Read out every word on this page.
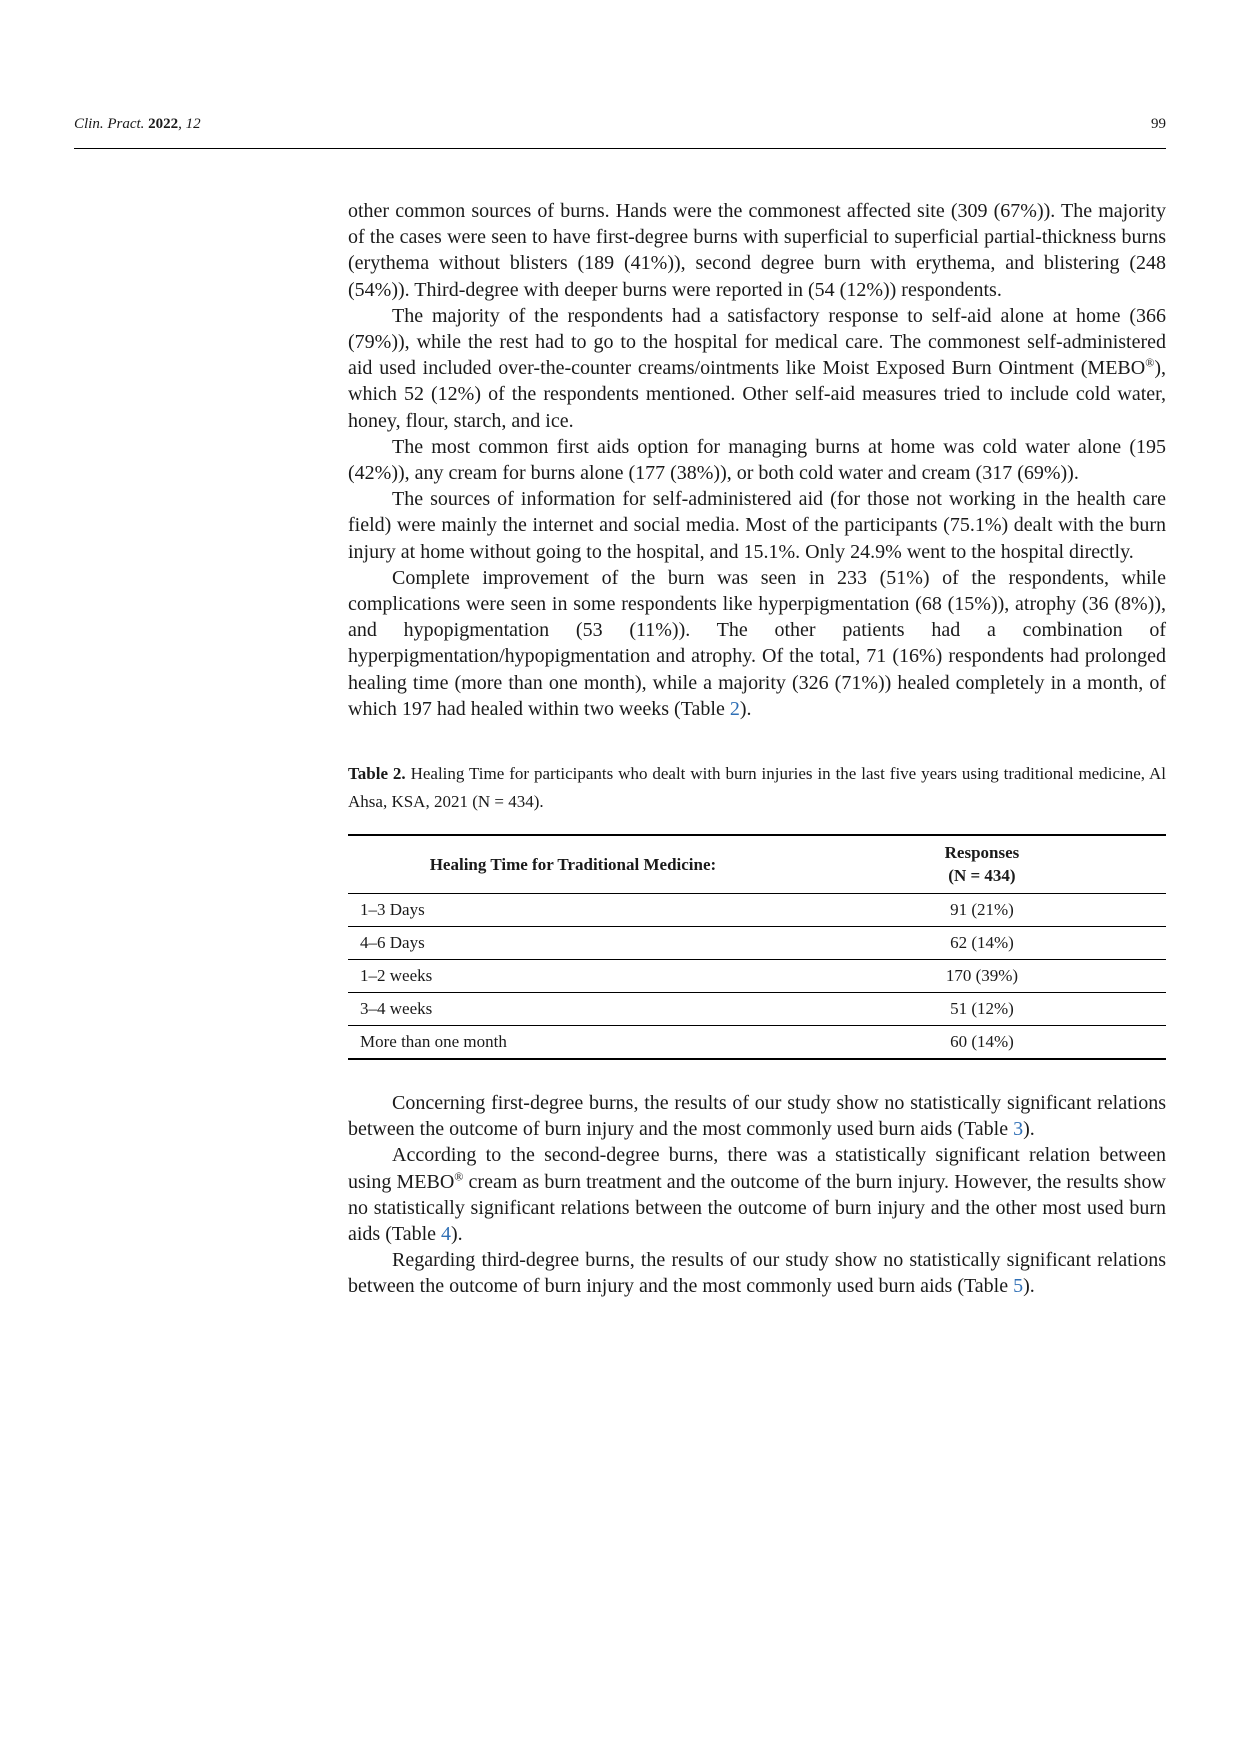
Clin. Pract. 2022, 12	99

other common sources of burns. Hands were the commonest affected site (309 (67%)). The majority of the cases were seen to have first-degree burns with superficial to superficial partial-thickness burns (erythema without blisters (189 (41%)), second degree burn with erythema, and blistering (248 (54%)). Third-degree with deeper burns were reported in (54 (12%)) respondents.

The majority of the respondents had a satisfactory response to self-aid alone at home (366 (79%)), while the rest had to go to the hospital for medical care. The commonest self-administered aid used included over-the-counter creams/ointments like Moist Exposed Burn Ointment (MEBO®), which 52 (12%) of the respondents mentioned. Other self-aid measures tried to include cold water, honey, flour, starch, and ice.

The most common first aids option for managing burns at home was cold water alone (195 (42%)), any cream for burns alone (177 (38%)), or both cold water and cream (317 (69%)).

The sources of information for self-administered aid (for those not working in the health care field) were mainly the internet and social media. Most of the participants (75.1%) dealt with the burn injury at home without going to the hospital, and 15.1%. Only 24.9% went to the hospital directly.

Complete improvement of the burn was seen in 233 (51%) of the respondents, while complications were seen in some respondents like hyperpigmentation (68 (15%)), atrophy (36 (8%)), and hypopigmentation (53 (11%)). The other patients had a combination of hyperpigmentation/hypopigmentation and atrophy. Of the total, 71 (16%) respondents had prolonged healing time (more than one month), while a majority (326 (71%)) healed completely in a month, of which 197 had healed within two weeks (Table 2).

Table 2. Healing Time for participants who dealt with burn injuries in the last five years using traditional medicine, Al Ahsa, KSA, 2021 (N = 434).
Healing Time for Traditional Medicine:	Responses
(N = 434)
1–3 Days	91 (21%)
4–6 Days	62 (14%)
1–2 weeks	170 (39%)
3–4 weeks	51 (12%)
More than one month	60 (14%)

Concerning first-degree burns, the results of our study show no statistically significant relations between the outcome of burn injury and the most commonly used burn aids (Table 3).

According to the second-degree burns, there was a statistically significant relation between using MEBO® cream as burn treatment and the outcome of the burn injury. However, the results show no statistically significant relations between the outcome of burn injury and the other most used burn aids (Table 4).

Regarding third-degree burns, the results of our study show no statistically significant relations between the outcome of burn injury and the most commonly used burn aids (Table 5).
